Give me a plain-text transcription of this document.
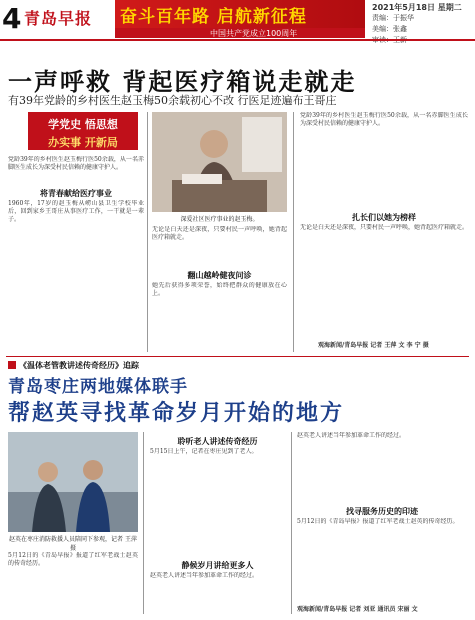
4 青岛早报 奋斗百年路 启航新征程
中国共产党成立100周年
2021年5月18日 星期二
责编：于振华
美编：张鑫
一声呼救 背起医疗箱说走就走
有39年党龄的乡村医生赵玉梅50余载初心不改 行医足迹遍布王哥庄
学党史 悟思想
办实事 开新局
党龄39年的乡村医生赵玉梅行医50余载，从一名赤脚医生成长为深受村民信赖的健康守护人。
将青春献给医疗事业
1960年，17岁的赵玉梅从崂山县卫生学校毕业后，回到家乡王哥庄从事医疗工作，一干就是一辈子。	深爱社区医疗事业的赵玉梅。
无论是白天还是深夜，只要村民一声呼唤，她背起医疗箱就走。
翻山越岭健夜问诊
她先后获得多项荣誉，始终把群众的健康放在心上。
党龄39年的乡村医生赵玉梅行医50余载，从一名赤脚医生成长为深受村民信赖的健康守护人。
扎长们以她为榜样
无论是白天还是深夜，只要村民一声呼唤，她背起医疗箱就走。
观海新闻/青岛早报 记者 王萍 文 李 宁 摄
《温体老管教讲述传奇经历》追踪
青岛枣庄两地媒体联手
帮赵英寻找革命岁月开始的地方
赵英在枣庄消防救援人员陪同下参观，记者 王萍 摄
5月12日的《青岛早报》报道了红军老战士赵英的传奇经历。
聆听老人讲述传奇经历
5月15日上午，记者在枣庄见到了老人。
静候岁月讲给更多人
赵英老人讲述当年参加革命工作的经过。
赵英老人讲述当年参加革命工作的经过。
找寻服务历史的印迹
5月12日的《青岛早报》报道了红军老战士赵英的传奇经历。
观海新闻/青岛早报 记者 刘亚 通讯员 宋丽 文
